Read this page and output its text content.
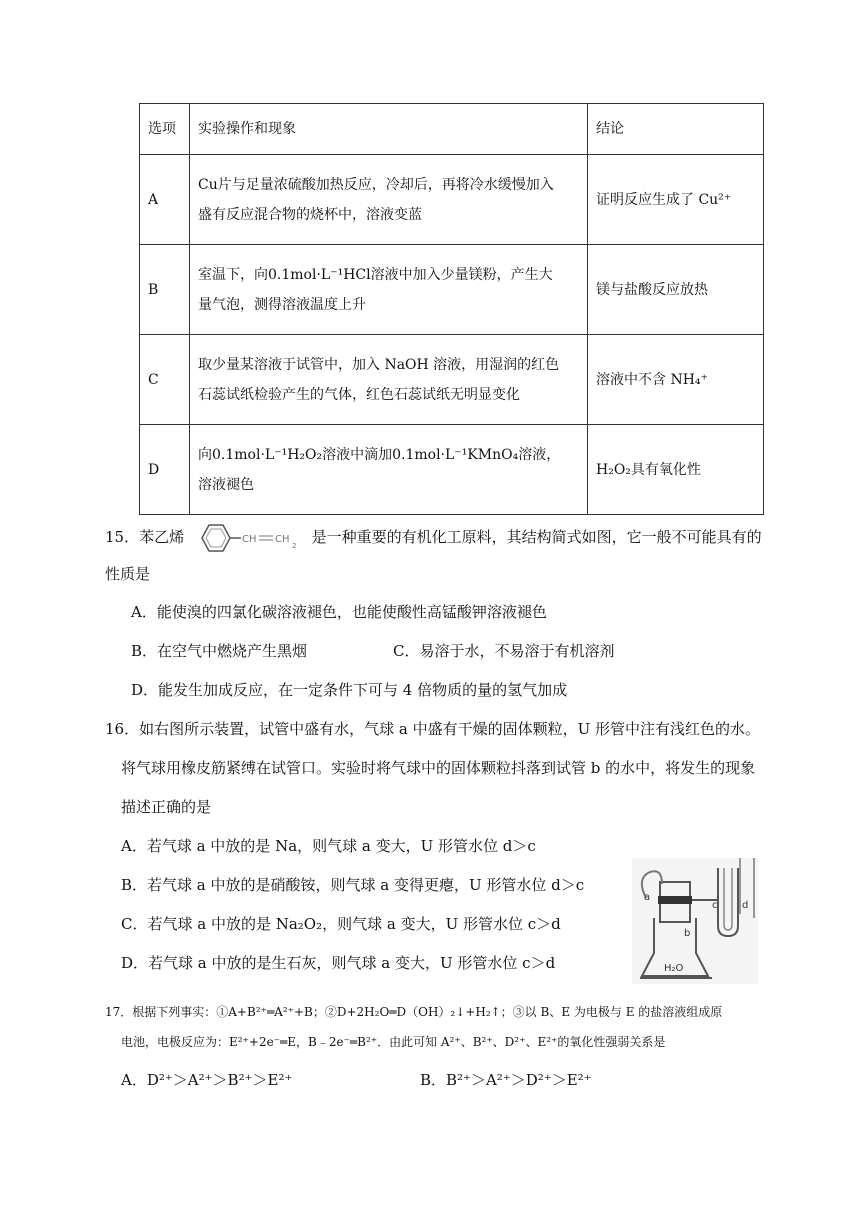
选项	实验操作和现象	结论
A	Cu片与足量浓硫酸加热反应，冷却后，再将冷水缓慢加入
盛有反应混合物的烧杯中，溶液变蓝	证明反应生成了 Cu²⁺
B	室温下，向0.1mol·L⁻¹HCl溶液中加入少量镁粉，产生大
量气泡，测得溶液温度上升	镁与盐酸反应放热
C	取少量某溶液于试管中，加入 NaOH 溶液，用湿润的红色
石蕊试纸检验产生的气体，红色石蕊试纸无明显变化	溶液中不含 NH₄⁺
D	向0.1mol·L⁻¹H₂O₂溶液中滴加0.1mol·L⁻¹KMnO₄溶液，
溶液褪色	H₂O₂具有氧化性
15．苯乙烯	CH CH
2 是一种重要的有机化工原料，其结构简式如图，它一般不可能具有的
性质是
A．能使溴的四氯化碳溶液褪色，也能使酸性高锰酸钾溶液褪色
B．在空气中燃烧产生黑烟	C．易溶于水，不易溶于有机溶剂
D．能发生加成反应，在一定条件下可与 4 倍物质的量的氢气加成
16．如右图所示装置，试管中盛有水，气球 a 中盛有干燥的固体颗粒，U 形管中注有浅红色的水。
将气球用橡皮筋紧缚在试管口。实验时将气球中的固体颗粒抖落到试管 b 的水中，将发生的现象
描述正确的是
A．若气球 a 中放的是 Na，则气球 a 变大，U 形管水位 d＞c
B．若气球 a 中放的是硝酸铵，则气球 a 变得更瘪，U 形管水位 d＞c
C．若气球 a 中放的是 Na₂O₂，则气球 a 变大，U 形管水位 c＞d
D．若气球 a 中放的是生石灰，则气球 a 变大，U 形管水位 c＞d
a
b
c d
H₂O
17．根据下列事实：①A+B²⁺═A²⁺+B；②D+2H₂O═D（OH）₂↓+H₂↑；③以 B、E 为电极与 E 的盐溶液组成原
电池，电极反应为：E²⁺+2e⁻═E，B﹣2e⁻═B²⁺．由此可知 A²⁺、B²⁺、D²⁺、E²⁺的氧化性强弱关系是
A．D²⁺＞A²⁺＞B²⁺＞E²⁺	B．B²⁺＞A²⁺＞D²⁺＞E²⁺
